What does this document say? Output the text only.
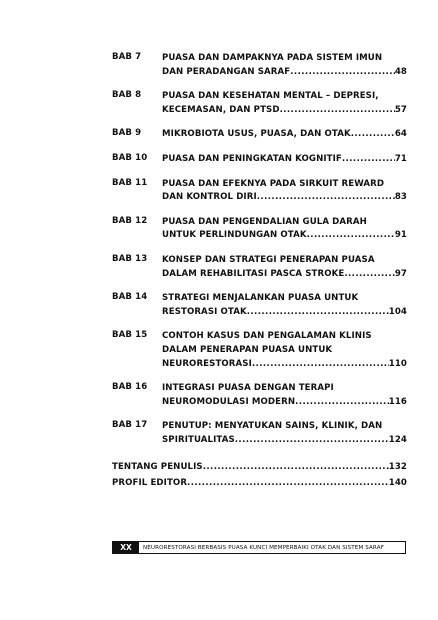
BAB 7 PUASA DAN DAMPAKNYA PADA SISTEM IMUN
DAN PERADANGAN SARAF .....	48
BAB 8 PUASA DAN KESEHATAN MENTAL – DEPRESI,
KECEMASAN, DAN PTSD .....	57
BAB 9 MIKROBIOTA USUS, PUASA, DAN OTAK .....	64
BAB 10 PUASA DAN PENINGKATAN KOGNITIF .....	71
BAB 11 PUASA DAN EFEKNYA PADA SIRKUIT REWARD
DAN KONTROL DIRI .....	83
BAB 12 PUASA DAN PENGENDALIAN GULA DARAH
UNTUK PERLINDUNGAN OTAK .....	91
BAB 13 KONSEP DAN STRATEGI PENERAPAN PUASA
DALAM REHABILITASI PASCA STROKE .....	97
BAB 14 STRATEGI MENJALANKAN PUASA UNTUK
RESTORASI OTAK .....	104
BAB 15 CONTOH KASUS DAN PENGALAMAN KLINIS
DALAM PENERAPAN PUASA UNTUK
NEURORESTORASI .....	110
BAB 16 INTEGRASI PUASA DENGAN TERAPI
NEUROMODULASI MODERN .....	116
BAB 17 PENUTUP: MENYATUKAN SAINS, KLINIK, DAN
SPIRITUALITAS .....	124
TENTANG PENULIS .....	132
PROFIL EDITOR .....	140
XX	NEURORESTORASI BERBASIS PUASA KUNCI MEMPERBAIKI OTAK DAN SISTEM SARAF
